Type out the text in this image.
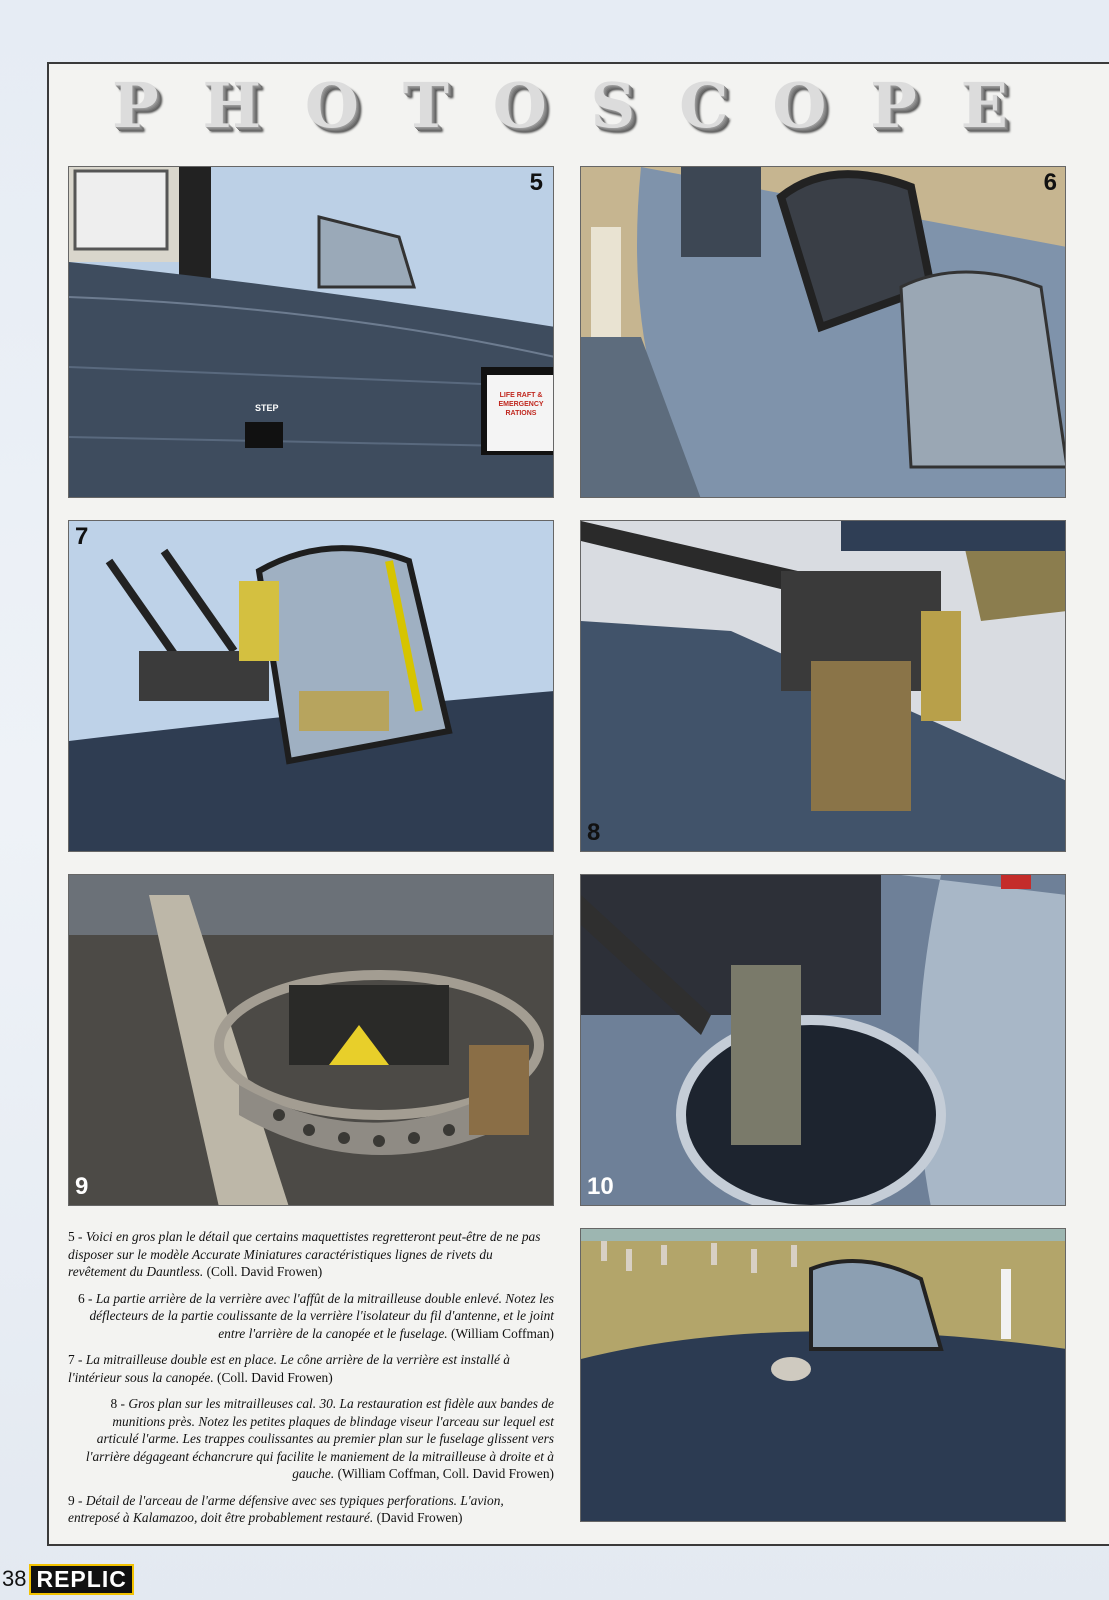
P H O T O S C O P E
STEP
LIFE RAFT & EMERGENCY RATIONS
5	6
7
8
9	10

5 - Voici en gros plan le détail que certains maquettistes regretteront peut-être de ne pas disposer sur le modèle Accurate Miniatures caractéristiques lignes de rivets du revêtement du Dauntless. (Coll. David Frowen)

6 - La partie arrière de la verrière avec l'affût de la mitrailleuse double enlevé. Notez les déflecteurs de la partie coulissante de la verrière l'isolateur du fil d'antenne, et le joint entre l'arrière de la canopée et le fuselage. (William Coffman)

7 - La mitrailleuse double est en place. Le cône arrière de la verrière est installé à l'intérieur sous la canopée. (Coll. David Frowen)

8 - Gros plan sur les mitrailleuses cal. 30. La restauration est fidèle aux bandes de munitions près. Notez les petites plaques de blindage viseur l'arceau sur lequel est articulé l'arme. Les trappes coulissantes au premier plan sur le fuselage glissent vers l'arrière dégageant échancrure qui facilite le maniement de la mitrailleuse à droite et à gauche. (William Coffman, Coll. David Frowen)

9 - Détail de l'arceau de l'arme défensive avec ses typiques perforations. L'avion, entreposé à Kalamazoo, doit être probablement restauré. (David Frowen)

38 REPLIC
